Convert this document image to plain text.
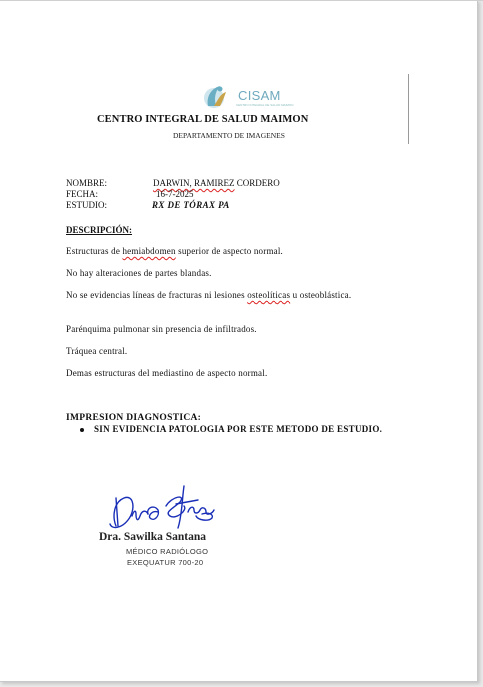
CISAM
CENTRO INTEGRAL DE SALUD MAIMON
CENTRO INTEGRAL DE SALUD MAIMON
DEPARTAMENTO DE IMAGENES
NOMBRE:	DARWIN, RAMIREZ CORDERO
FECHA:	16-7-2025
ESTUDIO:	RX DE TÓRAX PA
DESCRIPCIÓN:
Estructuras de hemiabdomen superior de aspecto normal.
No hay alteraciones de partes blandas.
No se evidencias líneas de fracturas ni lesiones osteolíticas u osteoblástica.
Parénquima pulmonar sin presencia de infiltrados.
Tráquea central.
Demas estructuras del mediastino de aspecto normal.
IMPRESION DIAGNOSTICA:
SIN EVIDENCIA PATOLOGIA POR ESTE METODO DE ESTUDIO.
Dra. Sawilka Santana
MÉDICO RADIÓLOGO
EXEQUATUR 700-20
